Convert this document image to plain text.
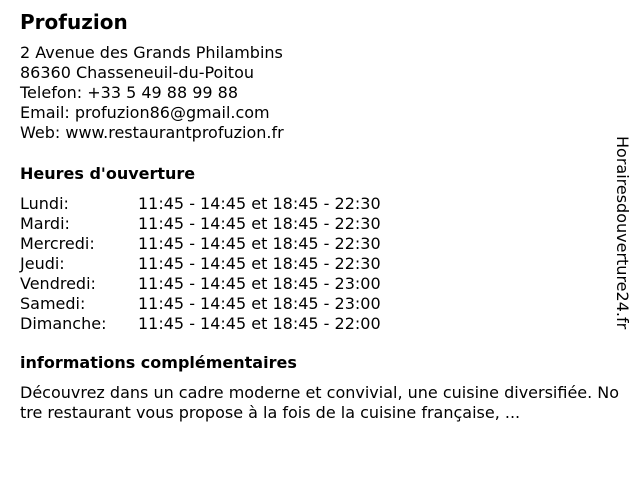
Profuzion
2 Avenue des Grands Philambins
86360 Chasseneuil-du-Poitou
Telefon: +33 5 49 88 99 88
Email: profuzion86@gmail.com
Web: www.restaurantprofuzion.fr
Heures d'ouverture
Lundi:	11:45 - 14:45 et 18:45 - 22:30
Mardi:	11:45 - 14:45 et 18:45 - 22:30
Mercredi:	11:45 - 14:45 et 18:45 - 22:30
Jeudi:	11:45 - 14:45 et 18:45 - 22:30
Vendredi:	11:45 - 14:45 et 18:45 - 23:00
Samedi:	11:45 - 14:45 et 18:45 - 23:00
Dimanche:	11:45 - 14:45 et 18:45 - 22:00
informations complémentaires
Découvrez dans un cadre moderne et convivial, une cuisine diversifiée. Notre restaurant vous propose à la fois de la cuisine française, ...
Horairesdouverture24.fr
